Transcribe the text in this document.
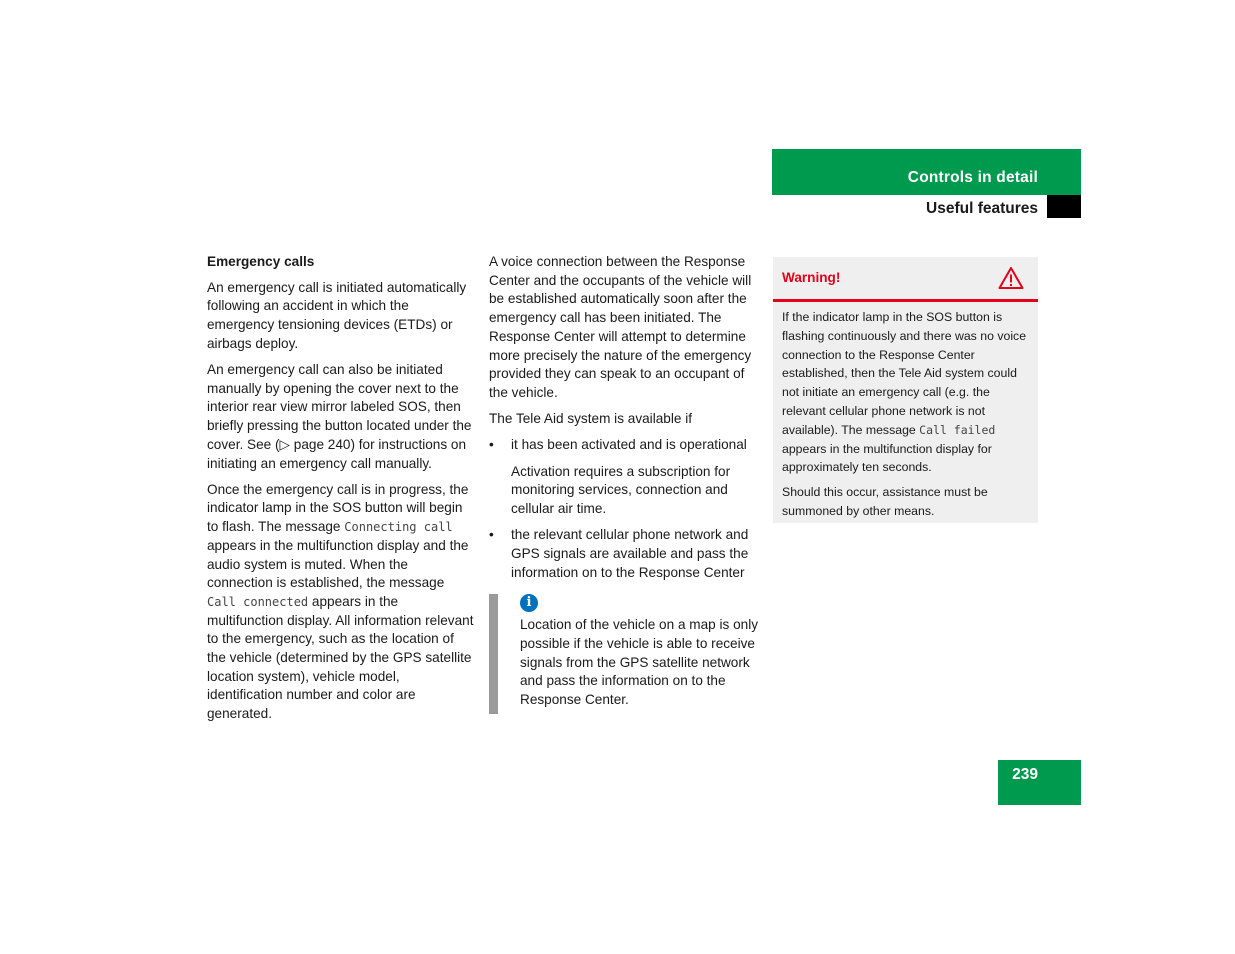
Controls in detail
Useful features

Emergency calls

An emergency call is initiated automatically following an accident in which the emergency tensioning devices (ETDs) or airbags deploy.

An emergency call can also be initiated manually by opening the cover next to the interior rear view mirror labeled SOS, then briefly pressing the button located under the cover. See (▷ page 240) for instructions on initiating an emergency call manually.

Once the emergency call is in progress, the indicator lamp in the SOS button will begin to flash. The message Connecting call appears in the multifunction display and the audio system is muted. When the connection is established, the message Call connected appears in the multifunction display. All information relevant to the emergency, such as the location of the vehicle (determined by the GPS satellite location system), vehicle model, identification number and color are generated.

A voice connection between the Response Center and the occupants of the vehicle will be established automatically soon after the emergency call has been initiated. The Response Center will attempt to determine more precisely the nature of the emergency provided they can speak to an occupant of the vehicle.

The Tele Aid system is available if

• it has been activated and is operational

Activation requires a subscription for monitoring services, connection and cellular air time.

• the relevant cellular phone network and GPS signals are available and pass the information on to the Response Center
i
Location of the vehicle on a map is only possible if the vehicle is able to receive signals from the GPS satellite network and pass the information on to the Response Center.
Warning!

If the indicator lamp in the SOS button is flashing continuously and there was no voice connection to the Response Center established, then the Tele Aid system could not initiate an emergency call (e.g. the relevant cellular phone network is not available). The message Call failed appears in the multifunction display for approximately ten seconds.

Should this occur, assistance must be summoned by other means.

239
